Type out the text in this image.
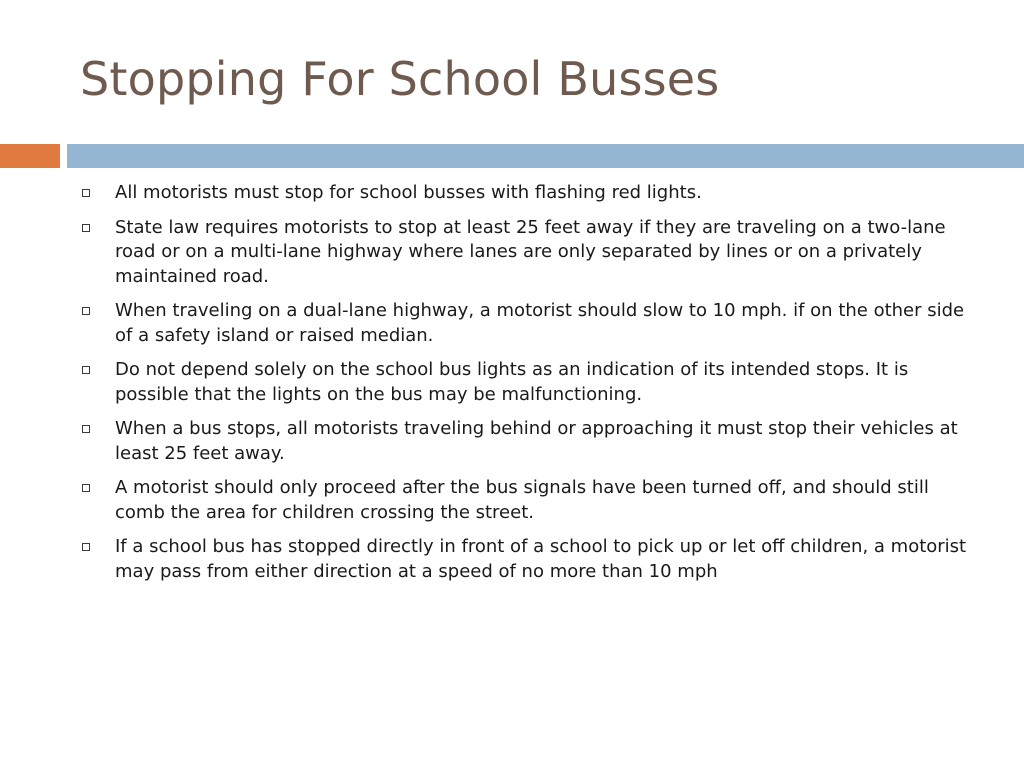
Stopping For School Busses
All motorists must stop for school busses with flashing red lights.
State law requires motorists to stop at least 25 feet away if they are traveling on a two-lane road or on a multi-lane highway where lanes are only separated by lines or on a privately maintained road.
When traveling on a dual-lane highway, a motorist should slow to 10 mph. if on the other side of a safety island or raised median.
Do not depend solely on the school bus lights as an indication of its intended stops. It is possible that the lights on the bus may be malfunctioning.
When a bus stops, all motorists traveling behind or approaching it must stop their vehicles at least 25 feet away.
A motorist should only proceed after the bus signals have been turned off, and should still comb the area for children crossing the street.
If a school bus has stopped directly in front of a school to pick up or let off children, a motorist may pass from either direction at a speed of no more than 10 mph
